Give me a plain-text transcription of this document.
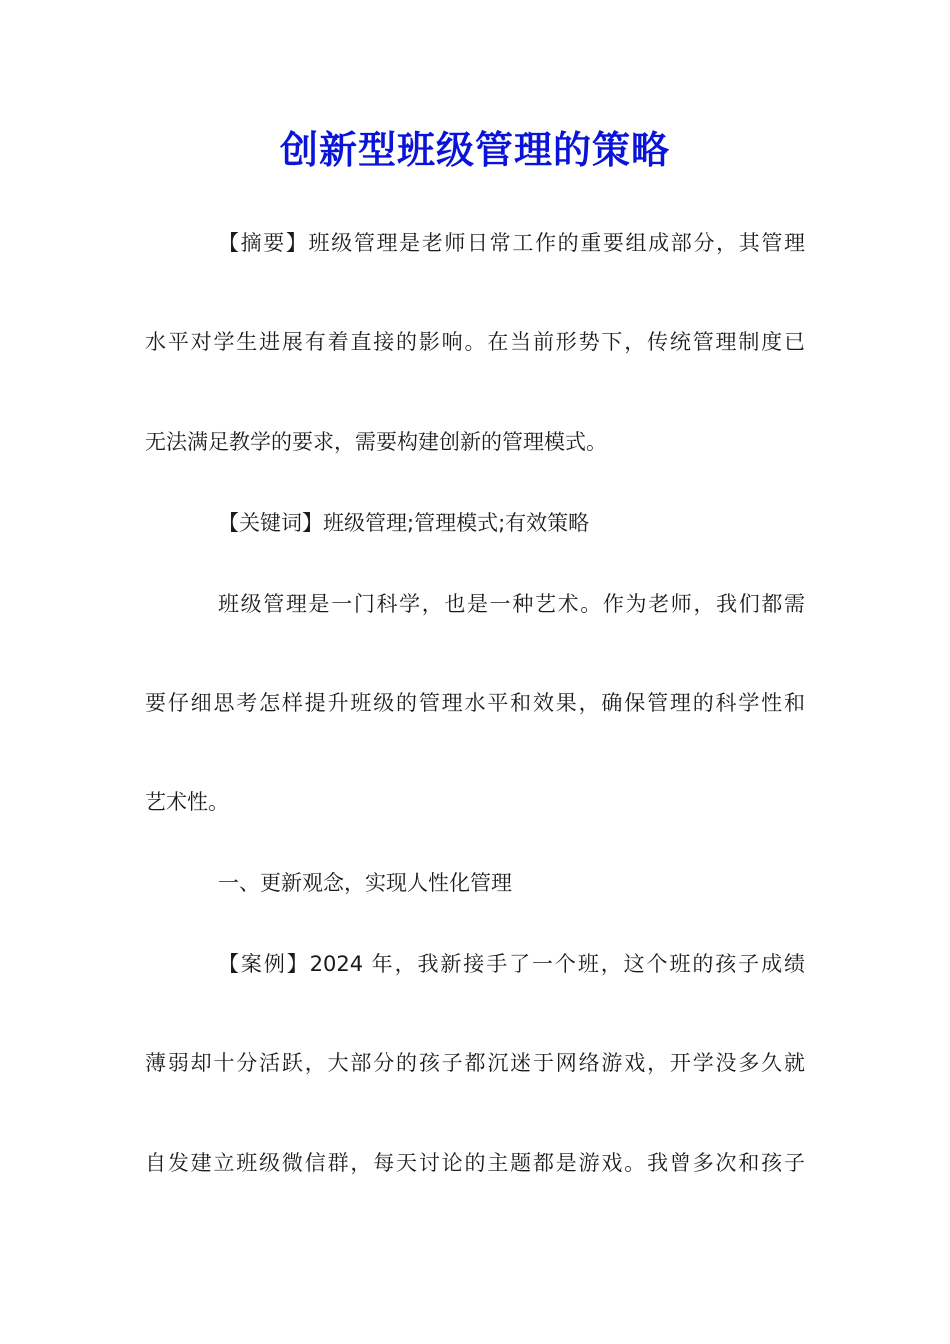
创新型班级管理的策略
【摘要】班级管理是老师日常工作的重要组成部分，其管理
水平对学生进展有着直接的影响。在当前形势下，传统管理制度已
无法满足教学的要求，需要构建创新的管理模式。
【关键词】班级管理;管理模式;有效策略
班级管理是一门科学，也是一种艺术。作为老师，我们都需
要仔细思考怎样提升班级的管理水平和效果，确保管理的科学性和
艺术性。
一、更新观念，实现人性化管理
【案例】2024 年，我新接手了一个班，这个班的孩子成绩
薄弱却十分活跃，大部分的孩子都沉迷于网络游戏，开学没多久就
自发建立班级微信群，每天讨论的主题都是游戏。我曾多次和孩子
